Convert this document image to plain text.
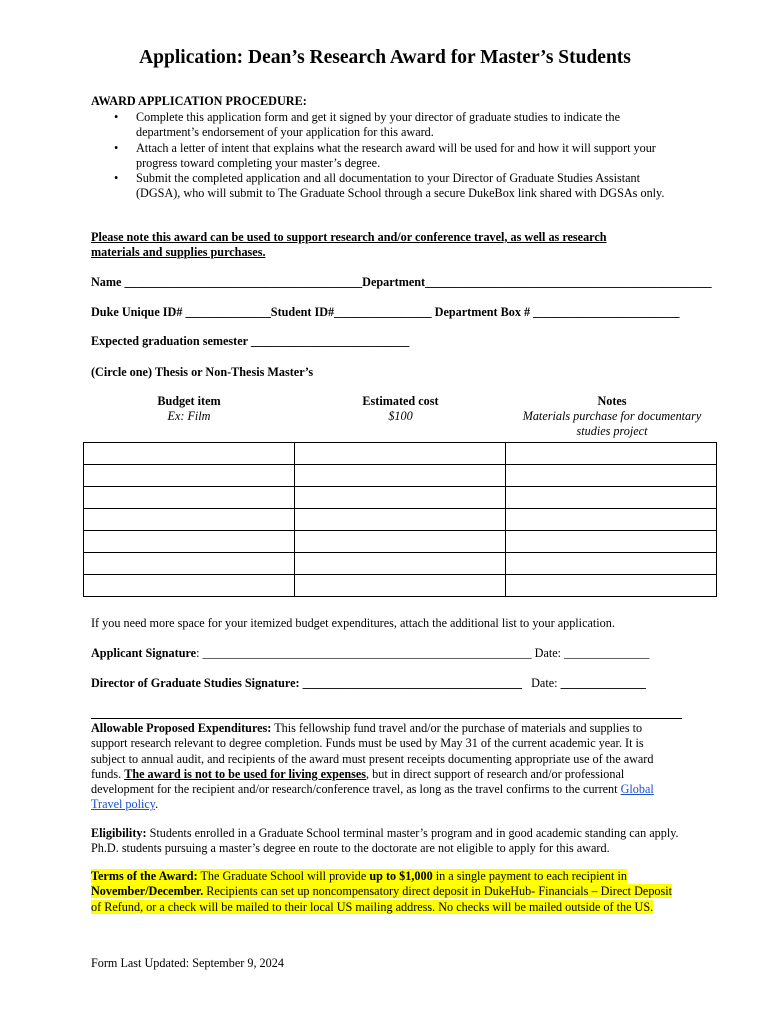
Application: Dean’s Research Award for Master’s Students
AWARD APPLICATION PROCEDURE:
• Complete this application form and get it signed by your director of graduate studies to indicate the department’s endorsement of your application for this award.
• Attach a letter of intent that explains what the research award will be used for and how it will support your progress toward completing your master’s degree.
• Submit the completed application and all documentation to your Director of Graduate Studies Assistant (DGSA), who will submit to The Graduate School through a secure DukeBox link shared with DGSAs only.
Please note this award can be used to support research and/or conference travel, as well as research materials and supplies purchases.
Name _______________________________________Department_______________________________________________
Duke Unique ID# ______________Student ID#________________ Department Box # ________________________
Expected graduation semester __________________________
(Circle one) Thesis or Non-Thesis Master’s
Budget item	Estimated cost	Notes
Ex: Film	$100	Materials purchase for documentary studies project

If you need more space for your itemized budget expenditures, attach the additional list to your application.
Applicant Signature: ______________________________________________________ Date: ______________
Director of Graduate Studies Signature: ____________________________________ Date: ______________
Allowable Proposed Expenditures: This fellowship fund travel and/or the purchase of materials and supplies to support research relevant to degree completion. Funds must be used by May 31 of the current academic year. It is subject to annual audit, and recipients of the award must present receipts documenting appropriate use of the award funds. The award is not to be used for living expenses, but in direct support of research and/or professional development for the recipient and/or research/conference travel, as long as the travel confirms to the current Global Travel policy.
Eligibility: Students enrolled in a Graduate School terminal master’s program and in good academic standing can apply. Ph.D. students pursuing a master’s degree en route to the doctorate are not eligible to apply for this award.
Terms of the Award: The Graduate School will provide up to $1,000 in a single payment to each recipient in November/December. Recipients can set up noncompensatory direct deposit in DukeHub- Financials – Direct Deposit of Refund, or a check will be mailed to their local US mailing address. No checks will be mailed outside of the US.
Form Last Updated: September 9, 2024
